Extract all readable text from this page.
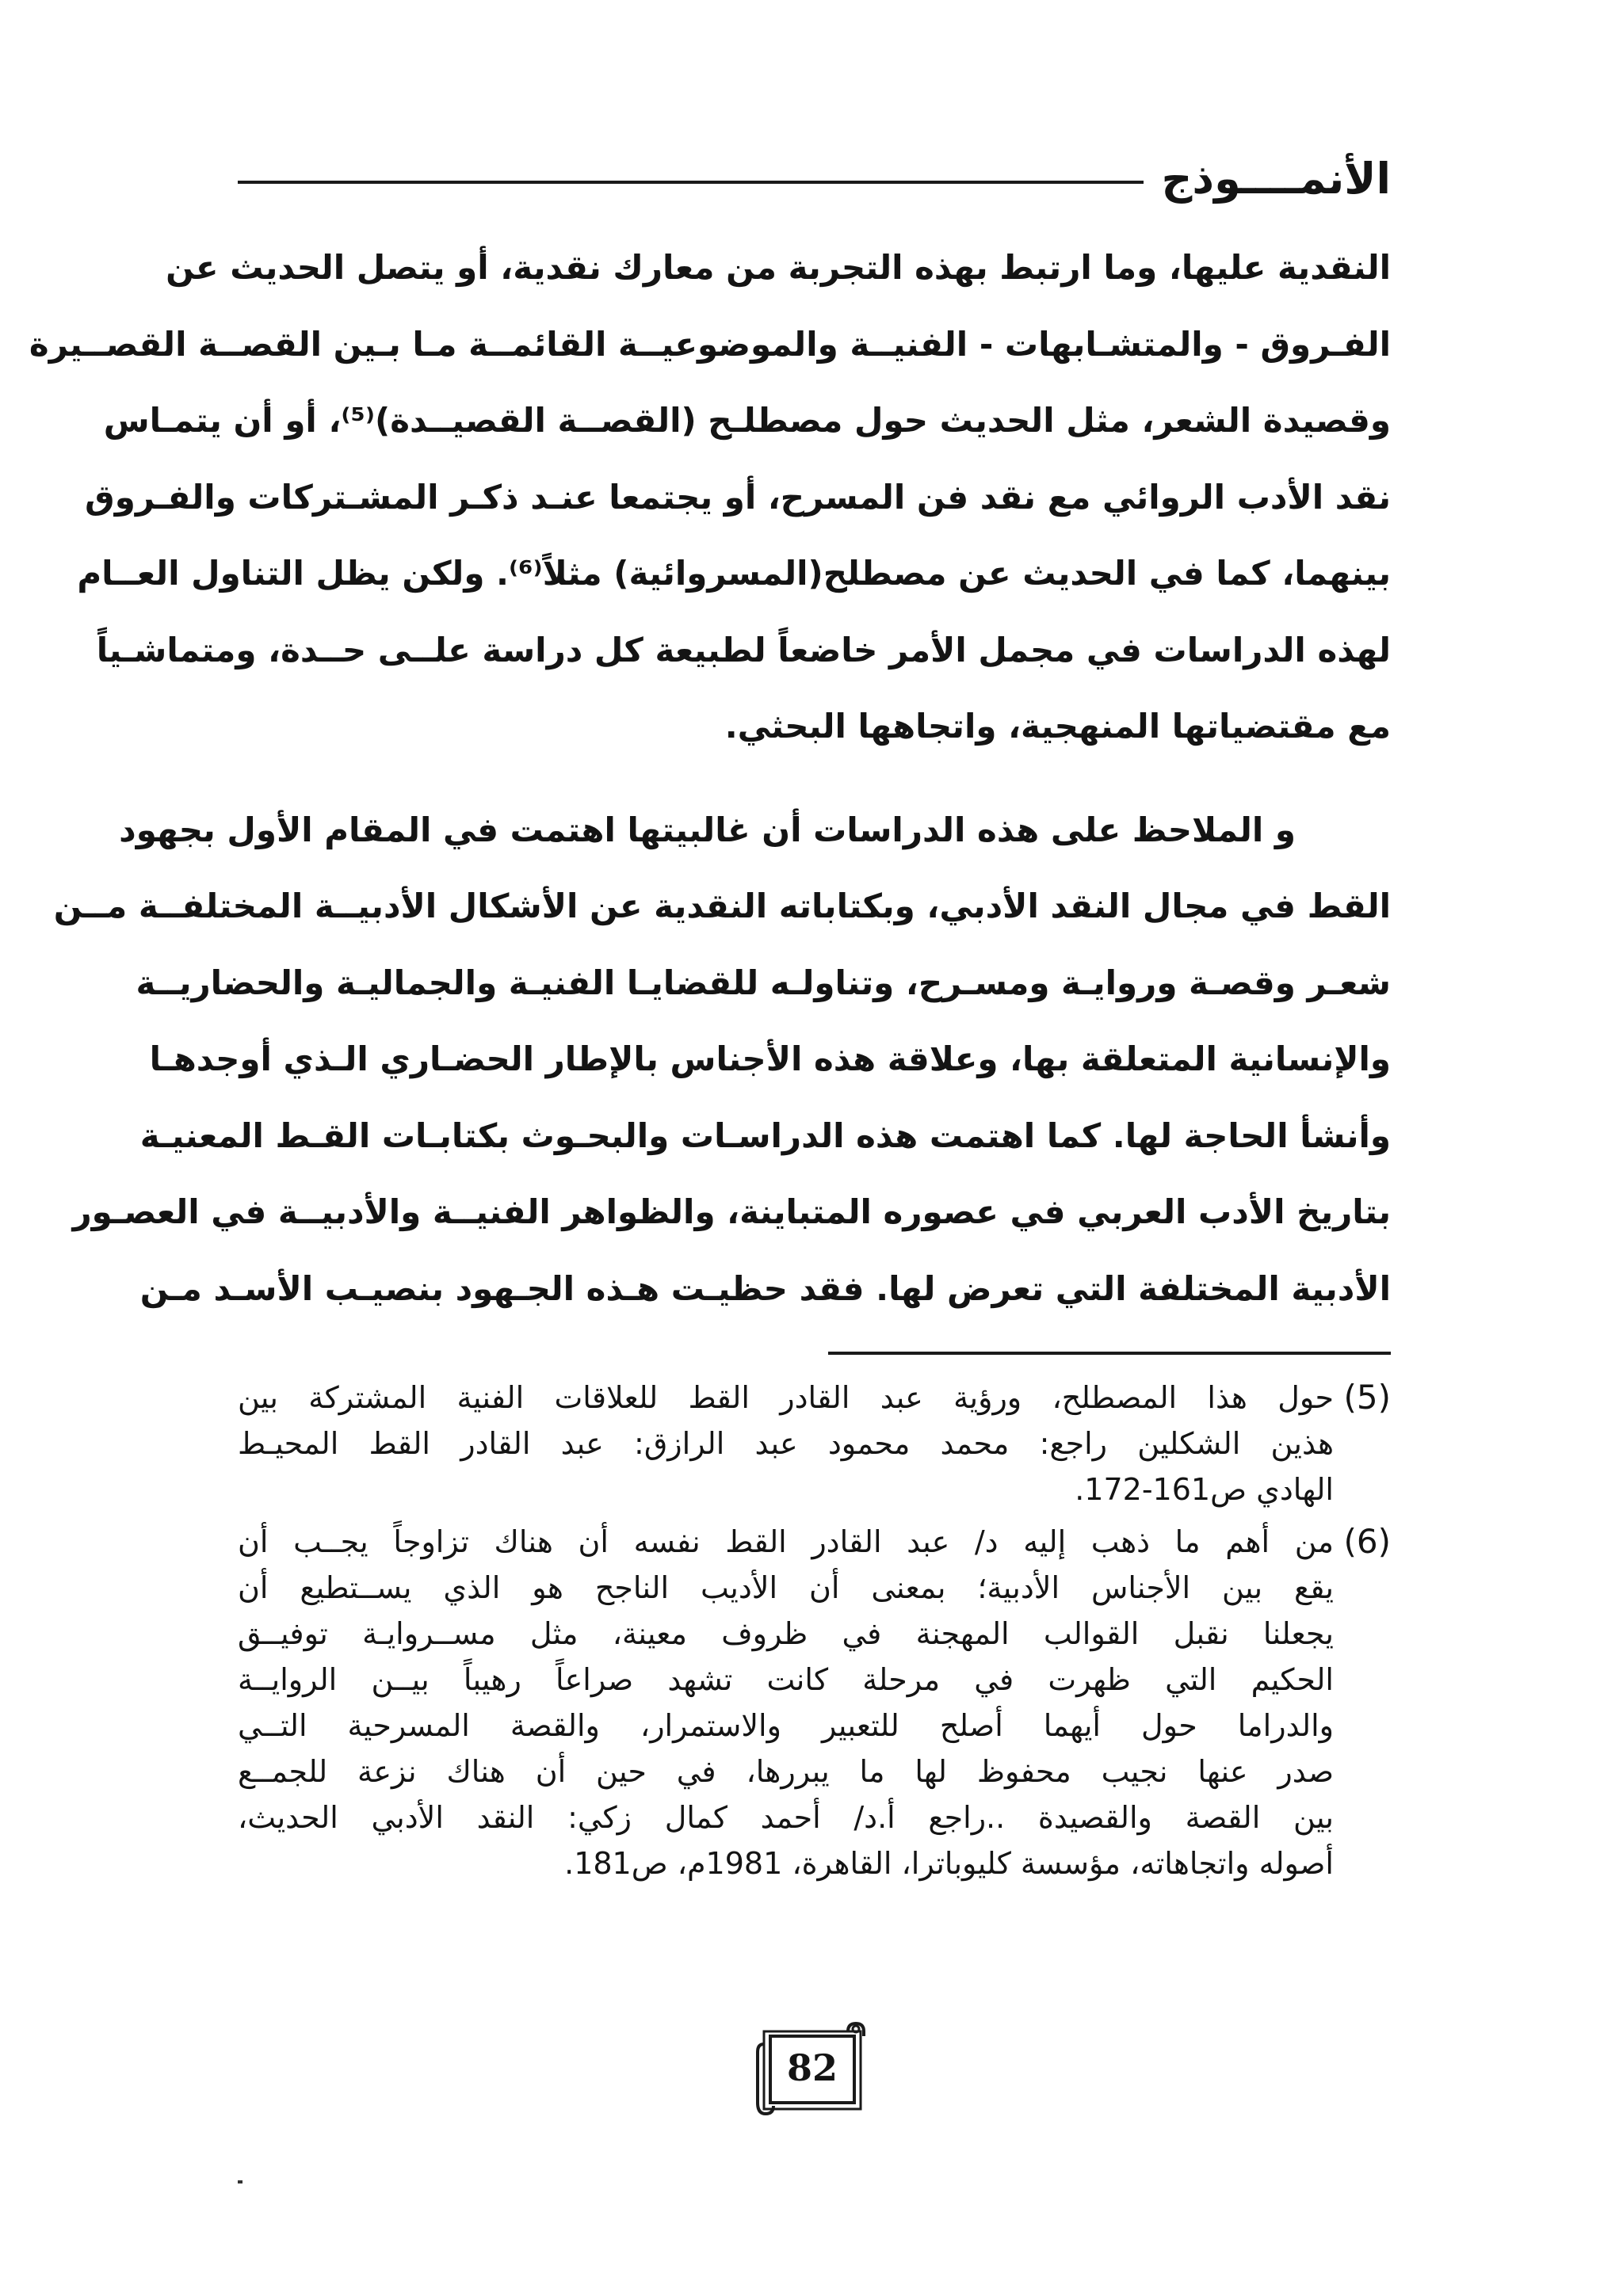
الأنمــــوذج
النقدية عليها، وما ارتبط بهذه التجربة من معارك نقدية، أو يتصل الحديث عن
الفـروق - والمتشـابهات - الفنيــة والموضوعيــة القائمــة مـا بـين القصــة القصــيرة
وقصيدة الشعر، مثل الحديث حول مصطلـح (القصــة القصيــدة)⁽⁵⁾، أو أن يتمـاس
نقد الأدب الروائي مع نقد فن المسرح، أو يجتمعا عنـد ذكـر المشـتركات والفـروق
بينهما، كما في الحديث عن مصطلح(المسروائية) مثلاً⁽⁶⁾. ولكن يظل التناول العــام
لهذه الدراسات في مجمل الأمر خاضعاً لطبيعة كل دراسة علــى حــدة، ومتماشـياً
مع مقتضياتها المنهجية، واتجاهها البحثي.
و الملاحظ على هذه الدراسات أن غالبيتها اهتمت في المقام الأول بجهود
القط في مجال النقد الأدبي، وبكتاباته النقدية عن الأشكال الأدبيــة المختلفــة مــن
شعـر وقصـة وروايـة ومسـرح، وتناولـه للقضايـا الفنيـة والجماليـة والحضاريــة
والإنسانية المتعلقة بها، وعلاقة هذه الأجناس بالإطار الحضـاري الـذي أوجدهـا
وأنشأ الحاجة لها. كما اهتمت هذه الدراسـات والبحـوث بكتابـات القـط المعنيـة
بتاريخ الأدب العربي في عصوره المتباينة، والظواهر الفنيــة والأدبيــة في العصـور
الأدبية المختلفة التي تعرض لها. فقد حظيـت هـذه الجـهود بنصيـب الأسـد مـن
(5)
حول هذا المصطلح، ورؤية عبد القادر القط للعلاقات الفنية المشتركة بين
هذين الشكلين راجع: محمد محمود عبد الرازق: عبد القادر القط المحيـط
الهادي ص161-172.
(6)
من أهم ما ذهب إليه د/ عبد القادر القط نفسه أن هناك تزاوجاً يجــب أن
يقع بين الأجناس الأدبية؛ بمعنى أن الأديب الناجح هو الذي يســتطيع أن
يجعلنا نقبل القوالب المهجنة في ظروف معينة، مثل مســروايـة توفيــق
الحكيم التي ظهرت في مرحلة كانت تشهد صراعاً رهيباً بيــن الروايــة
والدراما حول أيهما أصلح للتعبير والاستمرار، والقصة المسرحية التــي
صدر عنها نجيب محفوظ لها ما يبررها، في حين أن هناك نزعة للجمــع
بين القصة والقصيدة ..راجع أ.د/ أحمد كمال زكي: النقد الأدبي الحديث،
أصوله واتجاهاته، مؤسسة كليوباترا، القاهرة، 1981م، ص181.
82
